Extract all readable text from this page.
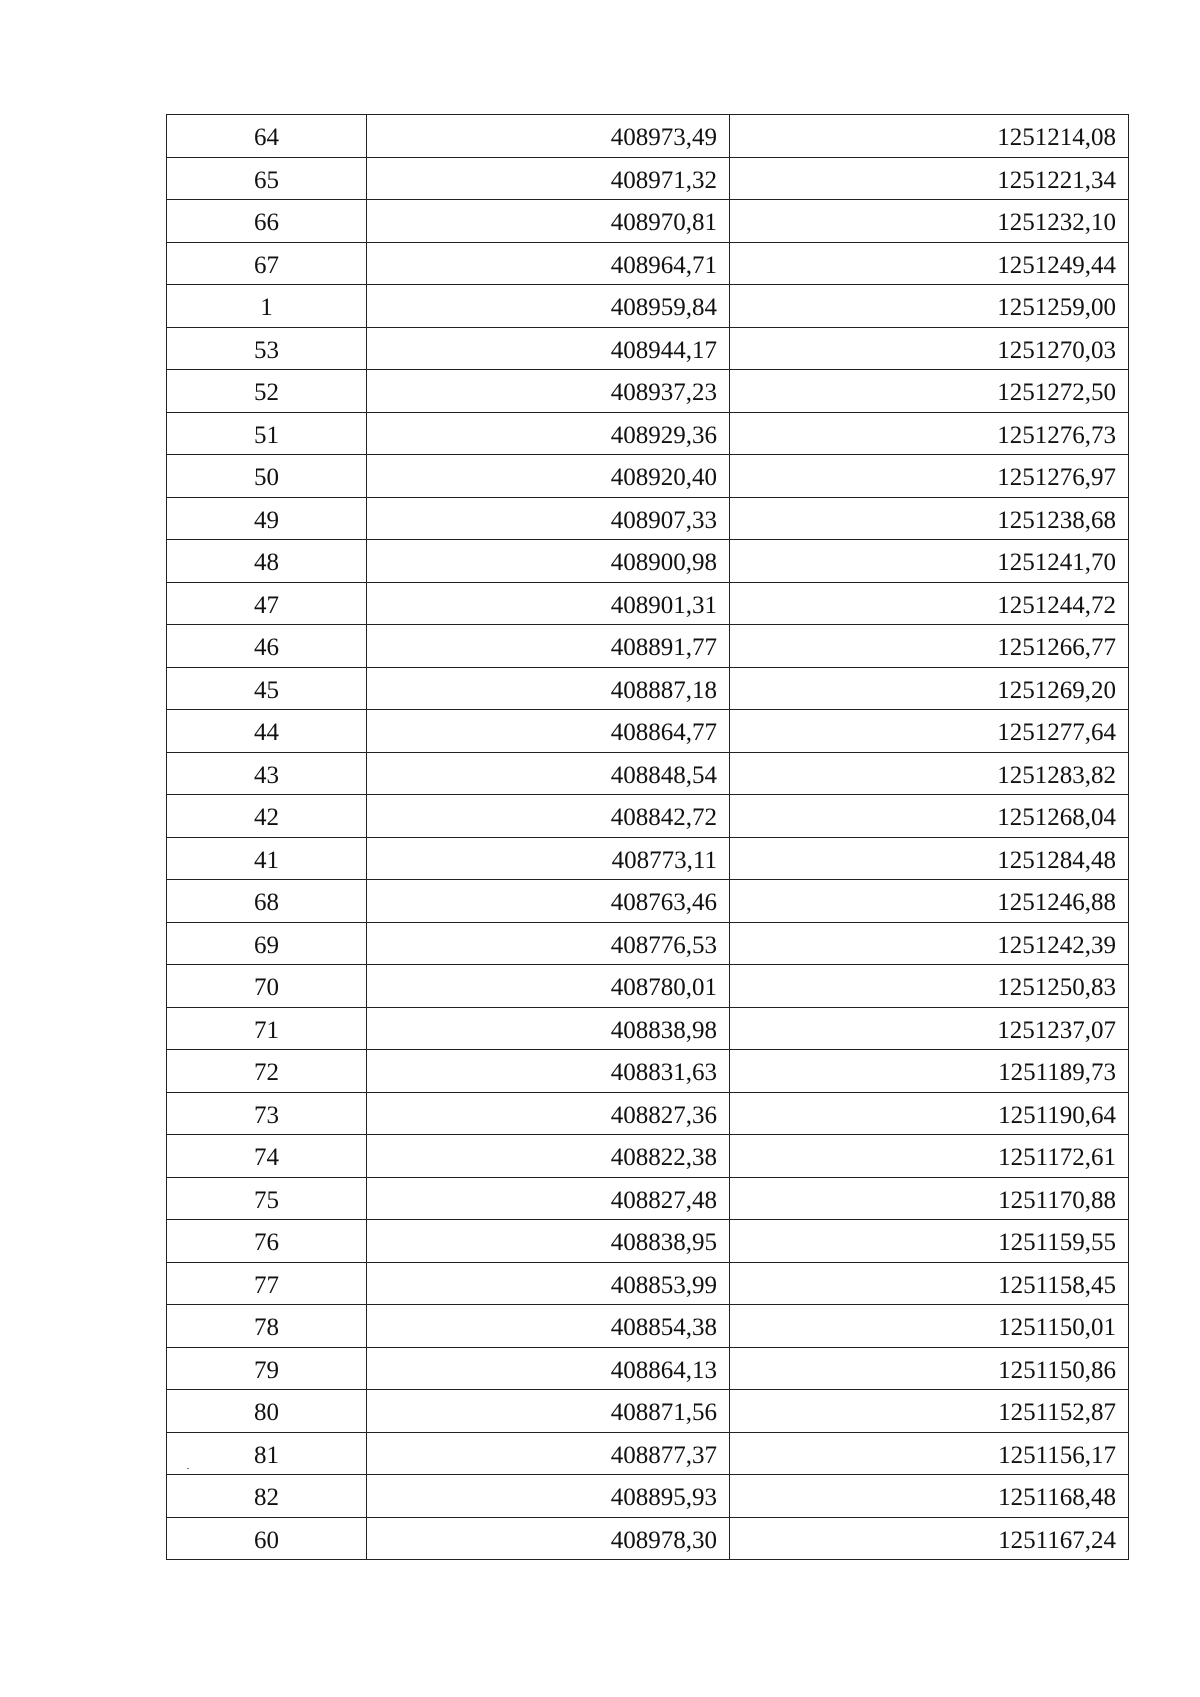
64	408973,49	1251214,08
65	408971,32	1251221,34
66	408970,81	1251232,10
67	408964,71	1251249,44
1	408959,84	1251259,00
53	408944,17	1251270,03
52	408937,23	1251272,50
51	408929,36	1251276,73
50	408920,40	1251276,97
49	408907,33	1251238,68
48	408900,98	1251241,70
47	408901,31	1251244,72
46	408891,77	1251266,77
45	408887,18	1251269,20
44	408864,77	1251277,64
43	408848,54	1251283,82
42	408842,72	1251268,04
41	408773,11	1251284,48
68	408763,46	1251246,88
69	408776,53	1251242,39
70	408780,01	1251250,83
71	408838,98	1251237,07
72	408831,63	1251189,73
73	408827,36	1251190,64
74	408822,38	1251172,61
75	408827,48	1251170,88
76	408838,95	1251159,55
77	408853,99	1251158,45
78	408854,38	1251150,01
79	408864,13	1251150,86
80	408871,56	1251152,87
81	408877,37	1251156,17
82	408895,93	1251168,48
60	408978,30	1251167,24
